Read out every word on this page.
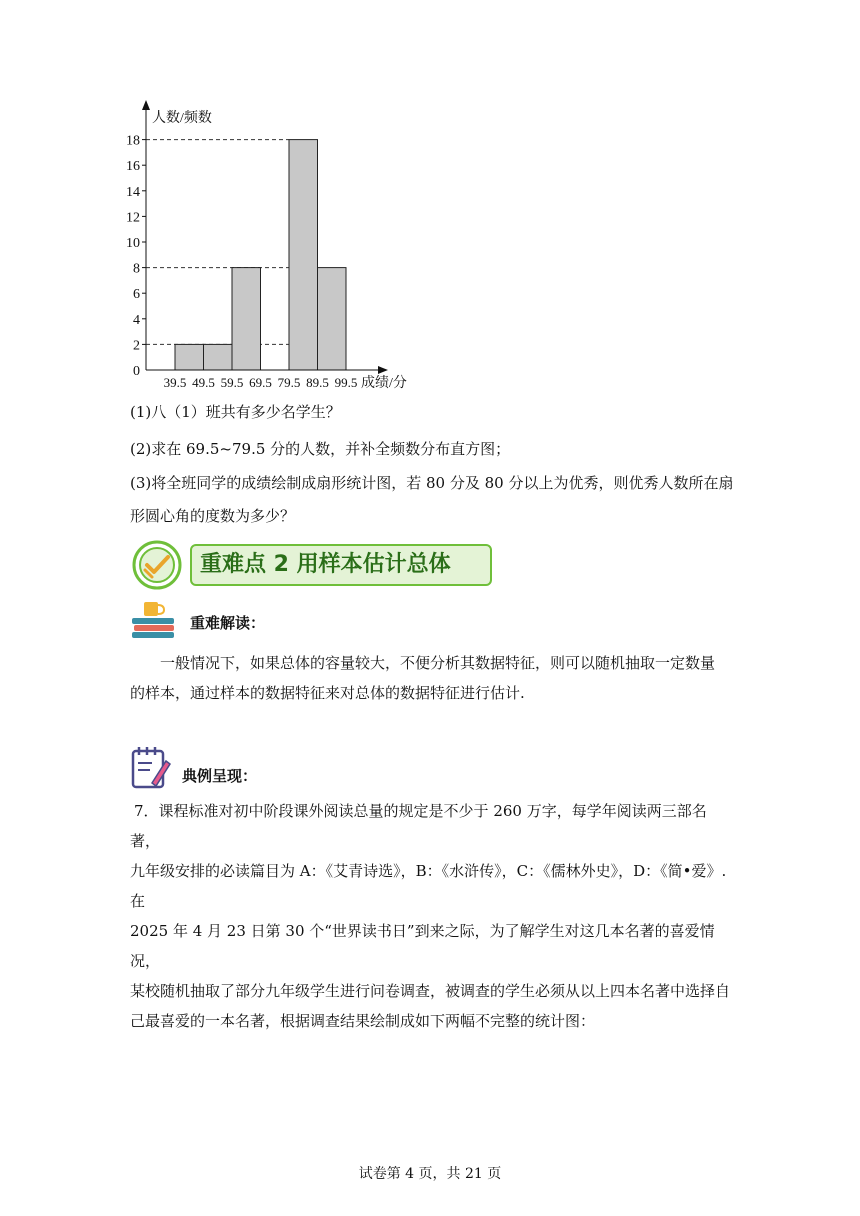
人数/频数
成绩/分
0
2
4
6
8
10
12
14
16
18
39.5 49.5 59.5 69.5 79.5 89.5 99.5
(1)八（1）班共有多少名学生？
(2)求在 69.5~79.5 分的人数，并补全频数分布直方图；
(3)将全班同学的成绩绘制成扇形统计图，若 80 分及 80 分以上为优秀，则优秀人数所在扇
形圆心角的度数为多少？
重难点 2 用样本估计总体
重难解读：

一般情况下，如果总体的容量较大，不便分析其数据特征，则可以随机抽取一定数量

的样本，通过样本的数据特征来对总体的数据特征进行估计.

典例呈现：

7．课程标准对初中阶段课外阅读总量的规定是不少于 260 万字，每学年阅读两三部名著，

九年级安排的必读篇目为 A：《艾青诗选》，B：《水浒传》，C：《儒林外史》，D：《简•爱》. 在

2025 年 4 月 23 日第 30 个“世界读书日”到来之际，为了解学生对这几本名著的喜爱情况，

某校随机抽取了部分九年级学生进行问卷调查，被调查的学生必须从以上四本名著中选择自

己最喜爱的一本名著，根据调查结果绘制成如下两幅不完整的统计图：

试卷第 4 页，共 21 页
